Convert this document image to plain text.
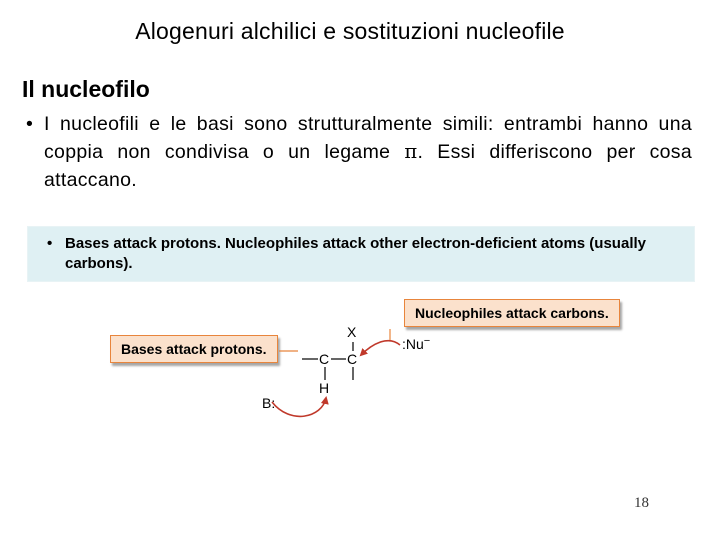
Alogenuri alchilici e sostituzioni nucleofile
Il nucleofilo
• I nucleofili e le basi sono strutturalmente simili: entrambi hanno una coppia non condivisa o un legame π. Essi differiscono per cosa attaccano.
• Bases attack protons. Nucleophiles attack other electron-deficient atoms (usually carbons).
Bases attack protons.
Nucleophiles attack carbons.
X
C C
H
B:
:Nu−
18
